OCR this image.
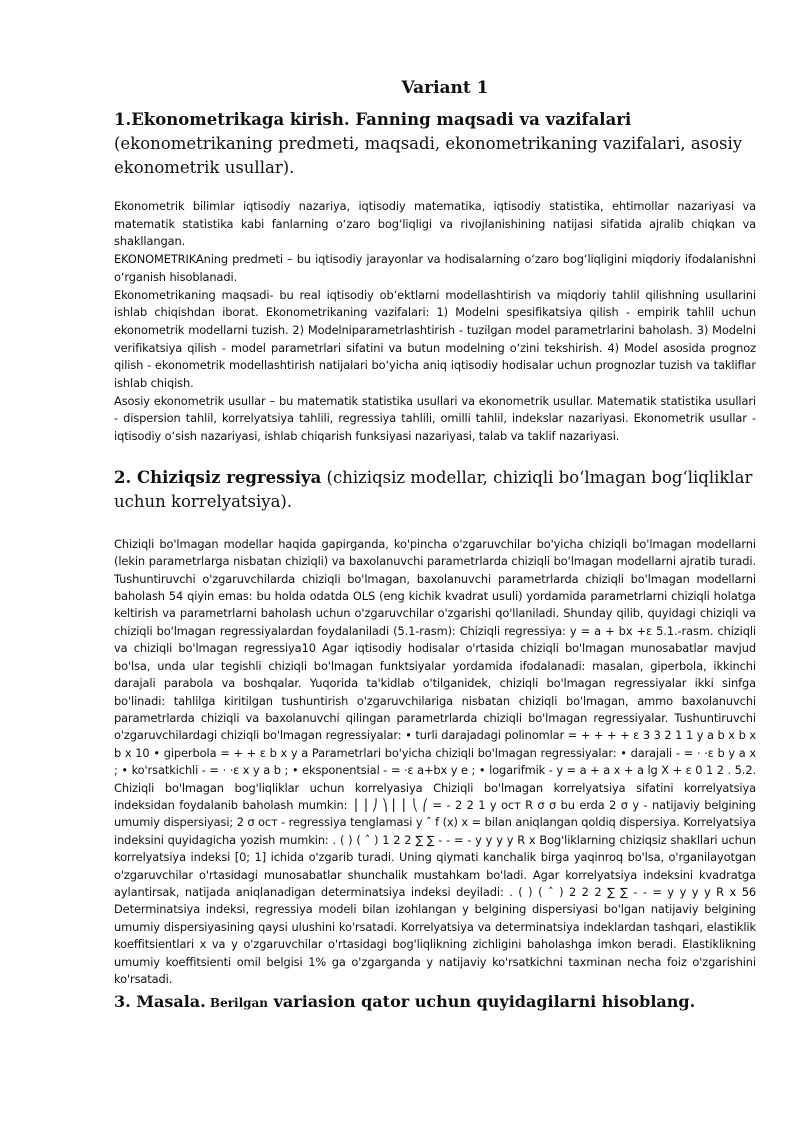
Variant 1
1.Ekonometrikaga kirish. Fanning maqsadi va vazifalari (ekonometrikaning predmeti, maqsadi, ekonometrikaning vazifalari, asosiy ekonometrik usullar).

Ekonometrik bilimlar iqtisodiy nazariya, iqtisodiy matematika, iqtisodiy statistika, ehtimollar nazariyasi va matematik statistika kabi fanlarning o‘zaro bog‘liqligi va rivojlanishining natijasi sifatida ajralib chiqkan va shakllangan.

EKONOMETRIKAning predmeti – bu iqtisodiy jarayonlar va hodisalarning o‘zaro bog‘liqligini miqdoriy ifodalanishni o‘rganish hisoblanadi.

Ekonometrikaning maqsadi- bu real iqtisodiy ob’ektlarni modellashtirish va miqdoriy tahlil qilishning usullarini ishlab chiqishdan iborat. Ekonometrikaning vazifalari: 1) Modelni spesifikatsiya qilish - empirik tahlil uchun ekonometrik modellarni tuzish. 2) Modelniparametrlashtirish - tuzilgan model parametrlarini baholash. 3) Modelni verifikatsiya qilish - model parametrlari sifatini va butun modelning o‘zini tekshirish. 4) Model asosida prognoz qilish - ekonometrik modellashtirish natijalari bo‘yicha aniq iqtisodiy hodisalar uchun prognozlar tuzish va takliflar ishlab chiqish.

Asosiy ekonometrik usullar – bu matematik statistika usullari va ekonometrik usullar. Matematik statistika usullari - dispersion tahlil, korrelyatsiya tahlili, regressiya tahlili, omilli tahlil, indekslar nazariyasi. Ekonometrik usullar - iqtisodiy o‘sish nazariyasi, ishlab chiqarish funksiyasi nazariyasi, talab va taklif nazariyasi.

2. Chiziqsiz regressiya (chiziqsiz modellar, chiziqli bo‘lmagan bog‘liqliklar uchun korrelyatsiya).

Chiziqli bo'lmagan modellar haqida gapirganda, ko'pincha o'zgaruvchilar bo'yicha chiziqli bo'lmagan modellarni (lekin parametrlarga nisbatan chiziqli) va baxolanuvchi parametrlarda chiziqli bo'lmagan modellarni ajratib turadi. Tushuntiruvchi o'zgaruvchilarda chiziqli bo'lmagan, baxolanuvchi parametrlarda chiziqli bo'lmagan modellarni baholash 54 qiyin emas: bu holda odatda OLS (eng kichik kvadrat usuli) yordamida parametrlarni chiziqli holatga keltirish va parametrlarni baholash uchun o'zgaruvchilar o'zgarishi qo'llaniladi. Shunday qilib, quyidagi chiziqli va chiziqli bo'lmagan regressiyalardan foydalaniladi (5.1-rasm): Chiziqli regressiya: y = a + bx +ε 5.1.-rasm. chiziqli va chiziqli bo'lmagan regressiya10 Agar iqtisodiy hodisalar o'rtasida chiziqli bo'lmagan munosabatlar mavjud bo'lsa, unda ular tegishli chiziqli bo'lmagan funktsiyalar yordamida ifodalanadi: masalan, giperbola, ikkinchi darajali parabola va boshqalar. Yuqorida ta'kidlab o'tilganidek, chiziqli bo'lmagan regressiyalar ikki sinfga bo'linadi: tahlilga kiritilgan tushuntirish o'zgaruvchilariga nisbatan chiziqli bo'lmagan, ammo baxolanuvchi parametrlarda chiziqli va baxolanuvchi qilingan parametrlarda chiziqli bo'lmagan regressiyalar. Tushuntiruvchi o'zgaruvchilardagi chiziqli bo'lmagan regressiyalar: • turli darajadagi polinomlar = + + + + ε 3 3 2 1 1 y a b x b x b x 10 • giperbola = + + ε b x y a Parametrlari bo'yicha chiziqli bo'lmagan regressiyalar: • darajali - = ⋅ ⋅ε b y a x ; • ko'rsatkichli - = ⋅ ⋅ε x y a b ; • eksponentsial - = ⋅ε a+bx y e ; • logarifmik - y = a + a x + a lg X + ε 0 1 2 . 5.2. Chiziqli bo'lmagan bog'liqliklar uchun korrelyasiya Chiziqli bo'lmagan korrelyatsiya sifatini korrelyatsiya indeksidan foydalanib baholash mumkin: ⎟ ⎟ ⎠ ⎞ ⎜ ⎜ ⎝ ⎛ = - 2 2 1 y ocт R σ σ bu erda 2 σ y - natijaviy belgining umumiy dispersiyasi; 2 σ ocт - regressiya tenglamasi y ˆ f (x) x = bilan aniqlangan qoldiq dispersiya. Korrelyatsiya indeksini quyidagicha yozish mumkin: . ( ) ( ˆ ) 1 2 2 ∑ ∑ - - = - y y y y R x Bog'liklarning chiziqsiz shakllari uchun korrelyatsiya indeksi [0; 1] ichida o'zgarib turadi. Uning qiymati kanchalik birga yaqinroq bo'lsa, o'rganilayotgan o'zgaruvchilar o'rtasidagi munosabatlar shunchalik mustahkam bo'ladi. Agar korrelyatsiya indeksini kvadratga aylantirsak, natijada aniqlanadigan determinatsiya indeksi deyiladi: . ( ) ( ˆ ) 2 2 2 ∑ ∑ - - = y y y y R x 56 Determinatsiya indeksi, regressiya modeli bilan izohlangan y belgining dispersiyasi bo'lgan natijaviy belgining umumiy dispersiyasining qaysi ulushini ko'rsatadi. Korrelyatsiya va determinatsiya indeklardan tashqari, elastiklik koeffitsientlari x va y o'zgaruvchilar o'rtasidagi bog'liqlikning zichligini baholashga imkon beradi. Elastiklikning umumiy koeffitsienti omil belgisi 1% ga o'zgarganda y natijaviy ko'rsatkichni taxminan necha foiz o'zgarishini ko'rsatadi.

3. Masala. Berilgan variasion qator uchun quyidagilarni hisoblang.
